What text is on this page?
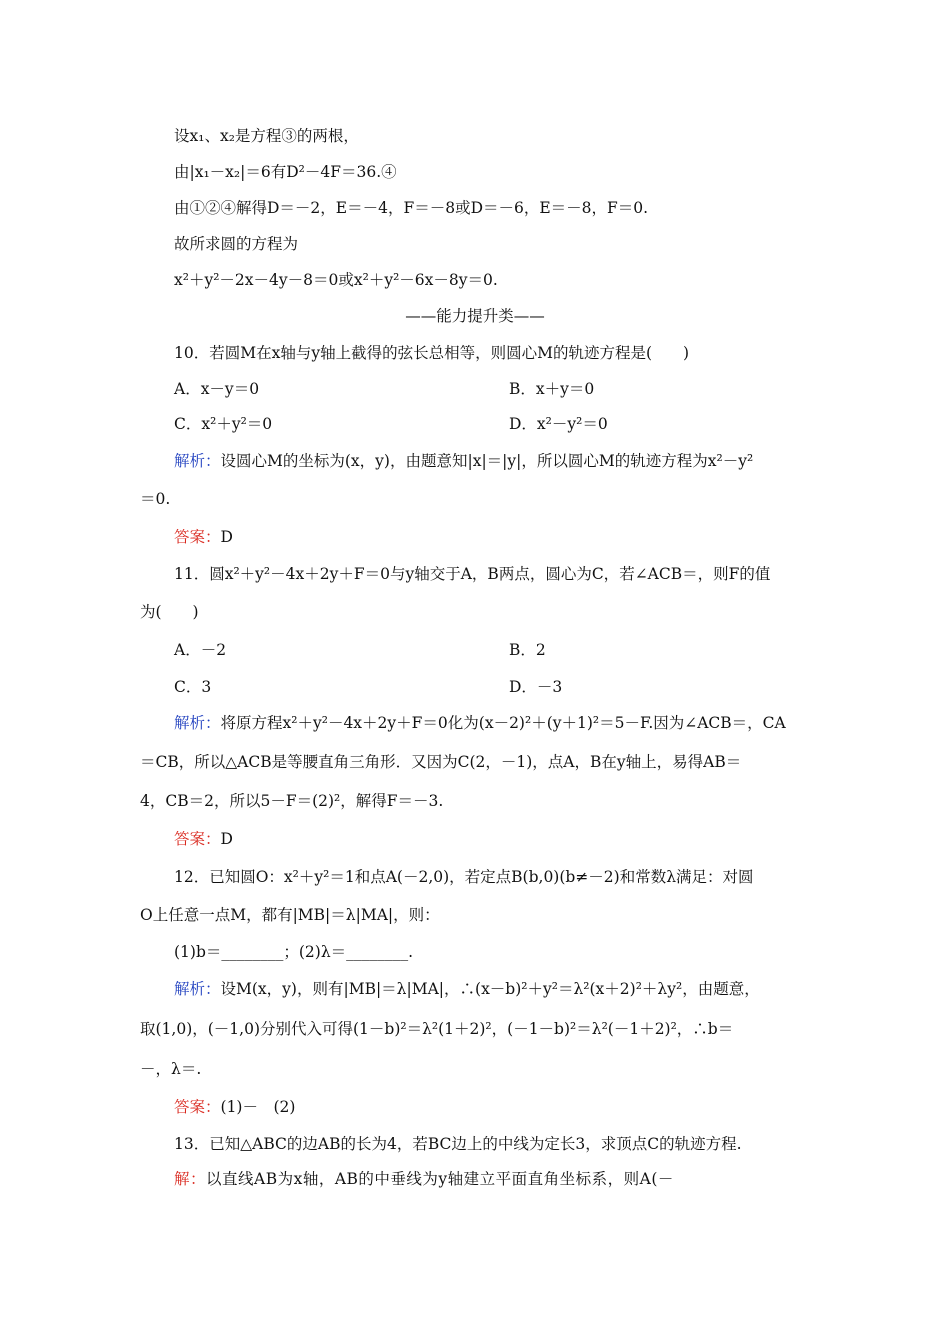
设x₁、x₂是方程③的两根，
由|x₁－x₂|＝6有D²－4F＝36.④
由①②④解得D＝－2，E＝－4，F＝－8或D＝－6，E＝－8，F＝0.
故所求圆的方程为
x²＋y²－2x－4y－8＝0或x²＋y²－6x－8y＝0.
——能力提升类——
10．若圆M在x轴与y轴上截得的弦长总相等，则圆心M的轨迹方程是(　　)
A．x－y＝0	B．x＋y＝0
C．x²＋y²＝0	D．x²－y²＝0
解析：设圆心M的坐标为(x，y)，由题意知|x|＝|y|，所以圆心M的轨迹方程为x²－y²
＝0.
答案：D
11．圆x²＋y²－4x＋2y＋F＝0与y轴交于A，B两点，圆心为C，若∠ACB＝，则F的值
为(　　)
A．－2	B．2
C．3	D．－3
解析：将原方程x²＋y²－4x＋2y＋F＝0化为(x－2)²＋(y＋1)²＝5－F.因为∠ACB＝，CA
＝CB，所以△ACB是等腰直角三角形．又因为C(2，－1)，点A，B在y轴上，易得AB＝
4，CB＝2，所以5－F＝(2)²，解得F＝－3.
答案：D
12．已知圆O：x²＋y²＝1和点A(－2,0)，若定点B(b,0)(b≠－2)和常数λ满足：对圆
O上任意一点M，都有|MB|＝λ|MA|，则：
(1)b＝________；(2)λ＝________.
解析：设M(x，y)，则有|MB|＝λ|MA|，∴(x－b)²＋y²＝λ²(x＋2)²＋λy²，由题意，
取(1,0)，(－1,0)分别代入可得(1－b)²＝λ²(1＋2)²，(－1－b)²＝λ²(－1＋2)²，∴b＝
－，λ＝.
答案：(1)－　(2)
13．已知△ABC的边AB的长为4，若BC边上的中线为定长3，求顶点C的轨迹方程.
解：以直线AB为x轴，AB的中垂线为y轴建立平面直角坐标系，则A(－
